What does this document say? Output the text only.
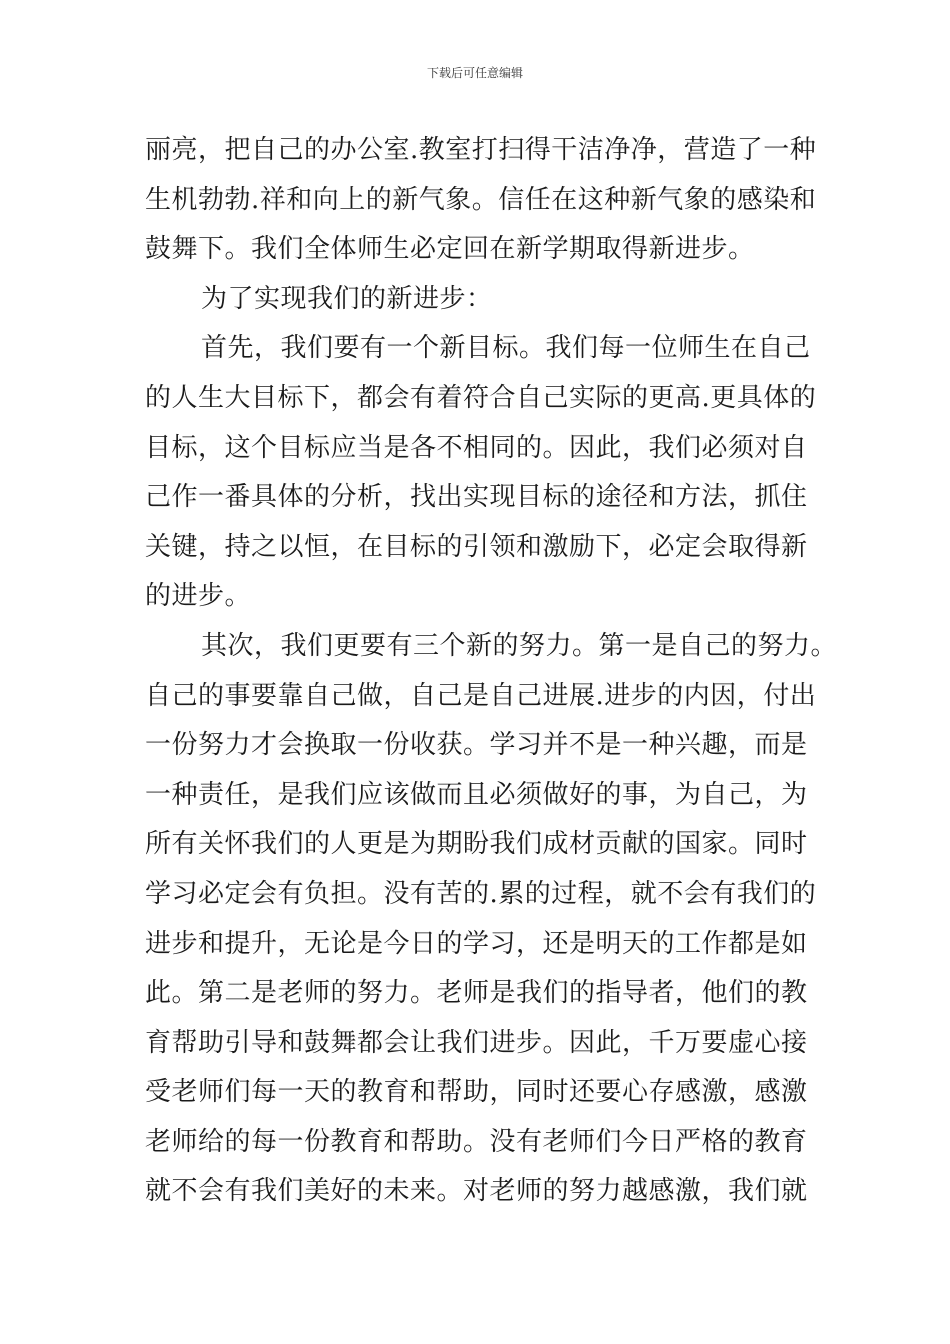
下载后可任意编辑
丽亮，把自己的办公室.教室打扫得干洁净净，营造了一种
生机勃勃.祥和向上的新气象。信任在这种新气象的感染和
鼓舞下。我们全体师生必定回在新学期取得新进步。
为了实现我们的新进步：
首先，我们要有一个新目标。我们每一位师生在自己
的人生大目标下，都会有着符合自己实际的更高.更具体的
目标，这个目标应当是各不相同的。因此，我们必须对自
己作一番具体的分析，找出实现目标的途径和方法，抓住
关键，持之以恒，在目标的引领和激励下，必定会取得新
的进步。
其次，我们更要有三个新的努力。第一是自己的努力。
自己的事要靠自己做，自己是自己进展.进步的内因，付出
一份努力才会换取一份收获。学习并不是一种兴趣，而是
一种责任，是我们应该做而且必须做好的事，为自己，为
所有关怀我们的人更是为期盼我们成材贡献的国家。同时
学习必定会有负担。没有苦的.累的过程，就不会有我们的
进步和提升，无论是今日的学习，还是明天的工作都是如
此。第二是老师的努力。老师是我们的指导者，他们的教
育帮助引导和鼓舞都会让我们进步。因此，千万要虚心接
受老师们每一天的教育和帮助，同时还要心存感激，感激
老师给的每一份教育和帮助。没有老师们今日严格的教育
就不会有我们美好的未来。对老师的努力越感激，我们就
